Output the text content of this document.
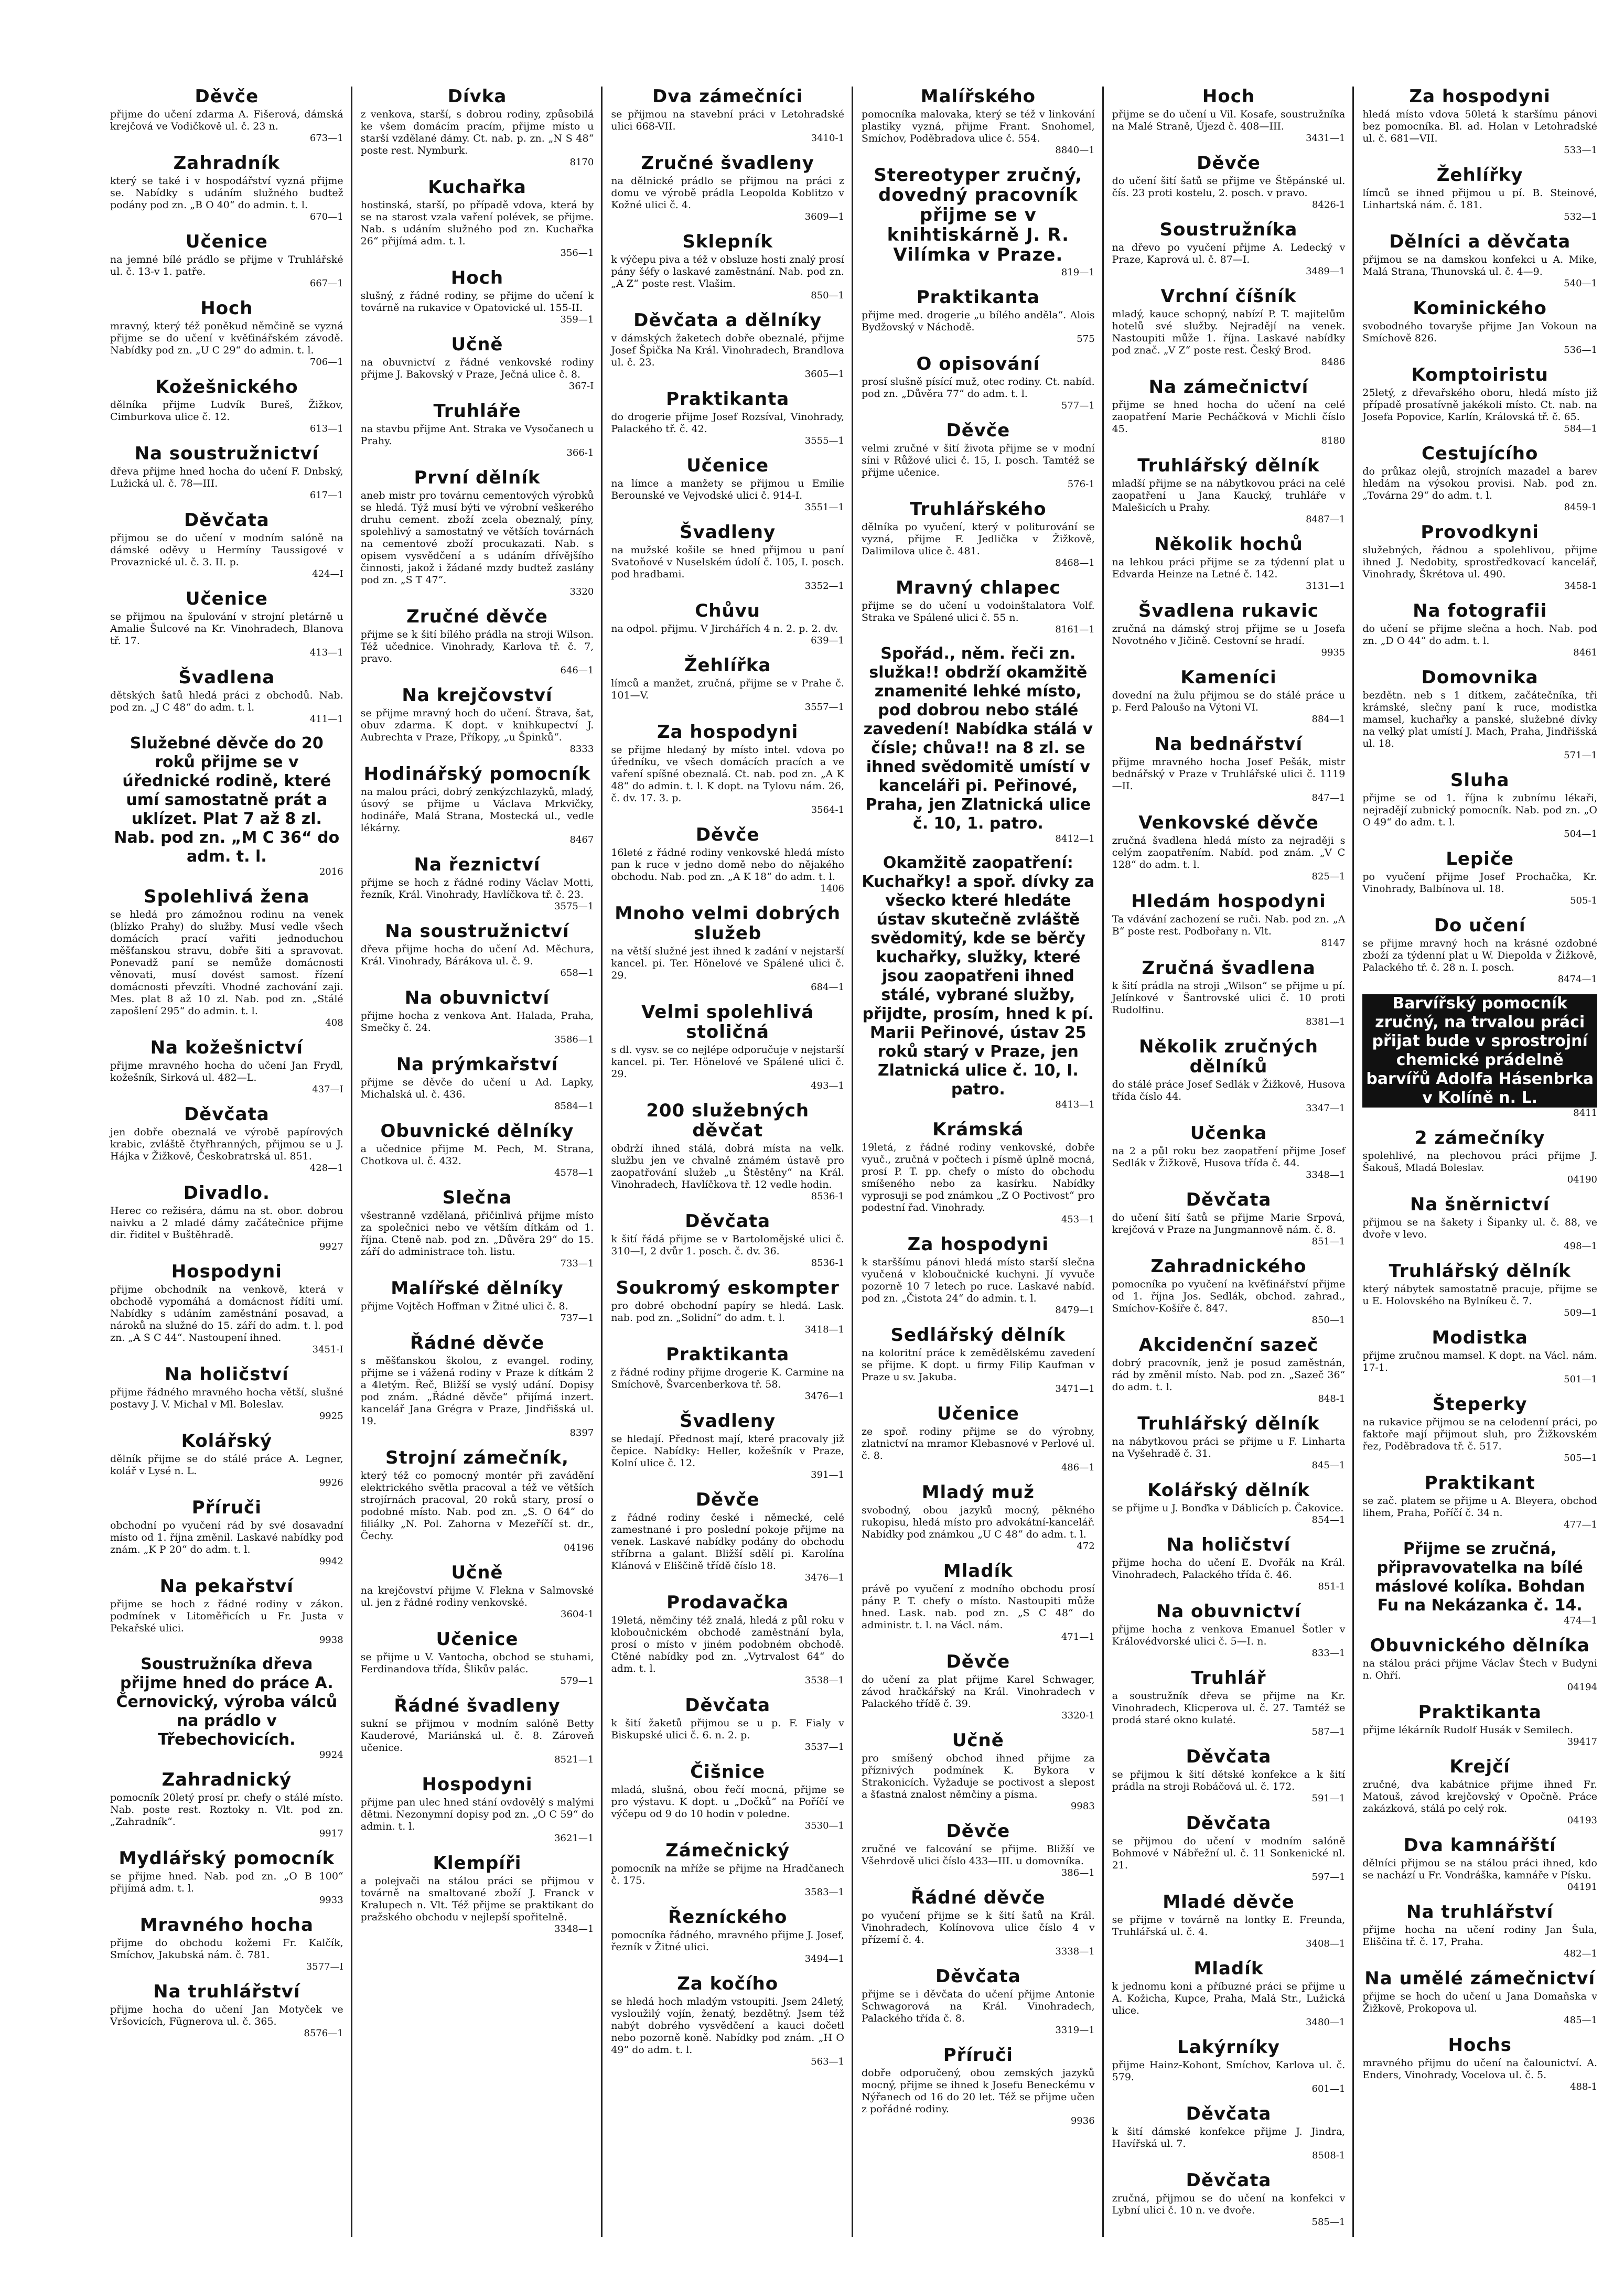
Děvče

přijme do učení zdarma A. Fišerová, dámská krejčová ve Vodičkově ul. č. 23 n.

673—1
Zahradník

který se také i v hospodářství vyzná přijme se. Nabídky s udáním služného budtež podány pod zn. „B O 40“ do admin. t. l.

670—1
Učenice

na jemné bílé prádlo se přijme v Truhlářské ul. č. 13-v 1. patře.

667—1
Hoch

mravný, který též poněkud němčině se vyzná přijme se do učení v kvěťinářském závodě. Nabídky pod zn. „U C 29“ do admin. t. l.

706—1
Kožešnického

dělníka přijme Ludvík Bureš, Žižkov, Cimburkova ulice č. 12.

613—1
Na soustružnictví

dřeva přijme hned hocha do učení F. Dnbský, Lužická ul. č. 78—III.

617—1
Děvčata

přijmou se do učení v modním salóně na dámské oděvy u Hermíny Taussigové v Provaznické ul. č. 3. II. p.

424—I
Učenice

se přijmou na špulování v strojní pletárně u Amalie Šulcové na Kr. Vinohradech, Blanova tř. 17.

413—1
Švadlena

dětských šatů hledá práci z obchodů. Nab. pod zn. „J C 48“ do adm. t. l.

411—1

Služebné děvče do 20 roků přijme se v úřednické rodině, které umí samostatně prát a uklízet. Plat 7 až 8 zl. Nab. pod zn. „M C 36“ do adm. t. l.

2016
Spolehlivá žena

se hledá pro zámožnou rodinu na venek (blízko Prahy) do služby. Musí vedle všech domácích prací vařiti jednoduchou měšťanskou stravu, dobře šiti a spravovat. Ponevadž paní se nemůže domácnosti věnovati, musí dovést samost. řízení domácnosti převzíti. Vhodné zachování zaji. Mes. plat 8 až 10 zl. Nab. pod zn. „Stálé zapošlení 295“ do admin. t. l.

408
Na kožešnictví

přijme mravného hocha do učení Jan Frydl, kožešník, Sirková ul. 482—L.

437—I
Děvčata

jen dobře obeznalá ve výrobě papírových krabic, zvláště čtyřhranných, přijmou se u J. Hájka v Žižkově, Českobratrská ul. 851.

428—1
Divadlo.

Herec co režiséra, dámu na st. obor. dobrou naivku a 2 mladé dámy začátečnice přijme dir. řiditel v Buštěhradě.

9927
Hospodyni

přijme obchodník na venkově, která v obchodě vypomáhá a domácnost řídíti umí. Nabídky s udáním zaměstnání posavad, a nároků na služné do 15. září do adm. t. l. pod zn. „A S C 44“. Nastoupení ihned.

3451-I
Na holičství

přijme řádného mravného hocha větší, slušné postavy J. V. Michal v Ml. Boleslav.

9925
Kolářský

dělník přijme se do stálé práce A. Legner, kolář v Lysé n. L.

9926
Příruči

obchodní po vyučení rád by své dosavadní místo od 1. října změnil. Laskavé nabídky pod znám. „K P 20“ do adm. t. l.

9942
Na pekařství

přijme se hoch z řádné rodiny v zákon. podmínek v Litoměřicích u Fr. Justa v Pekařské ulici.

9938

Soustružníka dřeva přijme hned do práce A. Černovický, výroba válců na prádlo v Třebechovicích.

9924
Zahradnický

pomocník 20letý prosí pr. chefy o stálé místo. Nab. poste rest. Roztoky n. Vlt. pod zn. „Zahradník“.

9917
Mydlářský pomocník

se přijme hned. Nab. pod zn. „O B 100“ přijímá adm. t. l.

9933
Mravného hocha

přijme do obchodu kožemi Fr. Kalčík, Smíchov, Jakubská nám. č. 781.

3577—I
Na truhlářství

přijme hocha do učení Jan Motyček ve Vršovicích, Fügnerova ul. č. 365.

8576—1
Dívka

z venkova, starší, s dobrou rodiny, způsobilá ke všem domácím pracím, přijme místo u starší vzdělané dámy. Ct. nab. p. zn. „N S 48“ poste rest. Nymburk.

8170
Kuchařka

hostinská, starší, po případě vdova, která by se na starost vzala vaření polévek, se přijme. Nab. s udáním služného pod zn. Kuchařka 26“ přijímá adm. t. l.

356—1
Hoch

slušný, z řádné rodiny, se přijme do učení k továrně na rukavice v Opatovické ul. 155-II.

359—1
Učně

na obuvnictví z řádné venkovské rodiny přijme J. Bakovský v Praze, Ječná ulice č. 8.

367-I
Truhláře

na stavbu přijme Ant. Straka ve Vysočanech u Prahy.

366-1
První dělník

aneb mistr pro továrnu cementových výrobků se hledá. Týž musí býti ve výrobní veškerého druhu cement. zboží zcela obeznalý, píny, spolehlivý a samostatný ve větších továrnách na cementové zboží procukazati. Nab. s opisem vysvědčení a s udáním dřívějšího činnosti, jakož i žádané mzdy budtež zaslány pod zn. „S T 47“.

3320
Zručné děvče

přijme se k šití bílého prádla na stroji Wilson. Též učednice. Vinohrady, Karlova tř. č. 7, pravo.

646—1
Na krejčovství

se přijme mravný hoch do učení. Štrava, šat, obuv zdarma. K dopt. v knihkupectví J. Aubrechta v Praze, Příkopy, „u Špinků“.

8333
Hodinářský pomocník

na malou práci, dobrý zenkýzchlazyků, mladý, úsový se přijme u Václava Mrkvičky, hodináře, Malá Strana, Mostecká ul., vedle lékárny.

8467
Na řeznictví

přijme se hoch z řádné rodiny Václav Motti, řezník, Král. Vinohrady, Havlíčkova tř. č. 23.

3575—1
Na soustružnictví

dřeva přijme hocha do učení Ad. Měchura, Král. Vinohrady, Bárákova ul. č. 9.

658—1
Na obuvnictví

přijme hocha z venkova Ant. Halada, Praha, Smečky č. 24.

3586—1
Na prýmkařství

přijme se děvče do učení u Ad. Lapky, Michalská ul. č. 436.

8584—1
Obuvnické dělníky

a učednice přijme M. Pech, M. Strana, Chotkova ul. č. 432.

4578—1
Slečna

všestranně vzdělaná, přičinlivá přijme místo za společnici nebo ve větším dítkám od 1. října. Cteně nab. pod zn. „Důvěra 29“ do 15. září do administrace toh. listu.

733—1
Malířské dělníky

přijme Vojtěch Hoffman v Žitné ulici č. 8.

737—1
Řádné děvče

s měšťanskou školou, z evangel. rodiny, přijme se i vážená rodiny v Praze k dítkám 2 a 4letým. Řeč, Bližší se vyslý udání. Dopisy pod znám. „Řádné děvče“ přijímá inzert. kancelář Jana Grégra v Praze, Jindřišská ul. 19.

8397
Strojní zámečník,

který též co pomocný montér při zavádění elektrického světla pracoval a též ve větších strojírnách pracoval, 20 roků stary, prosí o podobné místo. Nab. pod zn. „S. O 64“ do filiálky „N. Pol. Zahorna v Mezeříčí st. dr., Čechy.

04196
Učně

na krejčovství přijme V. Flekna v Salmovské ul. jen z řádné rodiny venkovské.

3604-1
Učenice

se přijme u V. Vantocha, obchod se stuhami, Ferdinandova třída, Šlikův palác.

579—1
Řádné švadleny

sukní se přijmou v modním salóně Betty Kauderové, Mariánská ul. č. 8. Zároveň učenice.

8521—1
Hospodyni

přijme pan ulec hned stání ovdovělý s malými dětmi. Nezonymní dopisy pod zn. „O C 59“ do admin. t. l.

3621—1
Klempíři

a polejvači na stálou práci se přijmou v továrně na smaltované zboží J. Franck v Kralupech n. Vlt. Též přijme se praktikant do pražského obchodu v nejlepší spořitelně.

3348—1
Dva zámečníci

se přijmou na stavební práci v Letohradské ulici 668-VII.

3410-1
Zručné švadleny

na dělnické prádlo se přijmou na práci z domu ve výrobě prádla Leopolda Koblitzo v Kožné ulici č. 4.

3609—1
Sklepník

k výčepu piva a též v obsluze hosti znalý prosí pány šéfy o laskavé zaměstnání. Nab. pod zn. „A Z“ poste rest. Vlašim.

850—1
Děvčata a dělníky

v dámských žaketech dobře obeznalé, přijme Josef Špička Na Král. Vinohradech, Brandlova ul. č. 23.

3605—1
Praktikanta

do drogerie přijme Josef Rozsíval, Vinohrady, Palackého tř. č. 42.

3555—1
Učenice

na límce a manžety se přijmou u Emilie Berounské ve Vejvodské ulici č. 914-I.

3551—1
Švadleny

na mužské košile se hned přijmou u paní Svatoňové v Nuselském údolí č. 105, I. posch. pod hradbami.

3352—1
Chůvu

na odpol. přijmu. V Jirchářích 4 n. 2. p. 2. dv.

639—1
Žehlířka

límců a manžet, zručná, přijme se v Prahe č. 101—V.

3557—1
Za hospodyni

se přijme hledaný by místo intel. vdova po úředníku, ve všech domácích pracích a ve vaření spíšné obeznalá. Ct. nab. pod zn. „A K 48“ do admin. t. l. K dopt. na Tylovu nám. 26, č. dv. 17. 3. p.

3564-1
Děvče

16leté z řádné rodiny venkovské hledá místo pan k ruce v jedno domě nebo do nějakého obchodu. Nab. pod zn. „A K 18“ do adm. t. l.

1406
Mnoho velmi dobrých služeb

na větší služné jest ihned k zadání v nejstarší kancel. pi. Ter. Hönelové ve Spálené ulici č. 29.

684—1
Velmi spolehlivá stoličná

s dl. vysv. se co nejlépe odporučuje v nejstarší kancel. pi. Ter. Hönelové ve Spálené ulici č. 29.

493—1
200 služebných děvčat

obdrží ihned stálá, dobrá místa na velk. službu jen ve chvalně známém ústavě pro zaopatřování služeb „u Štěstěny“ na Král. Vinohradech, Havlíčkova tř. 12 vedle hodin.

8536-1
Děvčata

k šití řádá přijme se v Bartolomějské ulici č. 310—I, 2 dvůr 1. posch. č. dv. 36.

8536-1
Soukromý eskompter

pro dobré obchodní papíry se hledá. Lask. nab. pod zn. „Solidní“ do adm. t. l.

3418—1
Praktikanta

z řádné rodiny přijme drogerie K. Carmine na Smíchově, Švarcenberkova tř. 58.

3476—1
Švadleny

se hledají. Přednost mají, které pracovaly již čepice. Nabídky: Heller, kožešník v Praze, Kolní ulice č. 12.

391—1
Děvče

z řádné rodiny české i německé, celé zamestnané i pro poslední pokoje přijme na venek. Laskavé nabídky podány do obchodu stříbrna a galant. Bližší sdělí pi. Karolína Klánová v Eliščině třídě číslo 18.

3476—1
Prodavačka

19letá, němčiny též znalá, hledá z půl roku v kloboučnickém obchodě zaměstnání byla, prosí o místo v jiném podobném obchodě. Ctěné nabídky pod zn. „Vytrvalost 64“ do adm. t. l.

3538—1
Děvčata

k šití žaketů přijmou se u p. F. Fialy v Biskupské ulici č. 6. n. 2. p.

3537—1
Čišnice

mladá, slušná, obou řečí mocná, přijme se pro výstavu. K dopt. u „Dočků“ na Poříčí ve výčepu od 9 do 10 hodin v poledne.

3530—1
Zámečnický

pomocník na mříže se přijme na Hradčanech č. 175.

3583—1
Řezníckého

pomocníka řádného, mravného přijme J. Josef, řezník v Žitné ulici.

3494—1
Za kočího

se hledá hoch mladým vstoupiti. Jsem 24letý, vysloužilý vojín, ženatý, bezdětný. Jsem též nabýt dobrého vysvědčení a kauci dočetl nebo pozorně koně. Nabídky pod znám. „H O 49“ do adm. t. l.

563—1
Malířského

pomocníka malovaka, který se též v linkování plastiky vyzná, přijme Frant. Snohomel, Smíchov, Poděbradova ulice č. 554.

8840—1
Stereotyper zručný, dovedný pracovník přijme se v knihtiskárně J. R. Vilímka v Praze.
819—1
Praktikanta

přijme med. drogerie „u bílého anděla“. Alois Bydžovský v Náchodě.

575
O opisování

prosí slušně písící muž, otec rodiny. Ct. nabíd. pod zn. „Důvěra 77“ do adm. t. l.

577—1
Děvče

velmi zručné v šití života přijme se v modní síni v Růžové ulici č. 15, I. posch. Tamtéž se přijme učenice.

576-1
Truhlářského

dělníka po vyučení, který v politurování se vyzná, přijme F. Jedlička v Žižkově, Dalimilova ulice č. 481.

8468—1
Mravný chlapec

přijme se do učení u vodoinštalatora Volf. Straka ve Spálené ulici č. 55 n.

8161—1

Spořád., něm. řeči zn. služka!! obdrží okamžitě znamenité lehké místo, pod dobrou nebo stálé zavedení! Nabídka stálá v čísle; chůva!! na 8 zl. se ihned svědomitě umístí v kanceláři pi. Peřinové, Praha, jen Zlatnická ulice č. 10, 1. patro.

8412—1

Okamžitě zaopatření: Kuchařky! a spoř. dívky za všecko které hledáte ústav skutečně zvláště svědomitý, kde se běrčy kuchařky, služky, které jsou zaopatřeni ihned stálé, vybrané služby, přijdte, prosím, hned k pí. Marii Peřinové, ústav 25 roků starý v Praze, jen Zlatnická ulice č. 10, I. patro.

8413—1
Krámská

19letá, z řádné rodiny venkovské, dobře vyuč., zručná v počtech i písmě úplně mocná, prosí P. T. pp. chefy o místo do obchodu smíšeného nebo za kasírku. Nabídky vyprosuji se pod známkou „Z O Poctivost“ pro podestní řad. Vinohrady.

453—1
Za hospodyni

k starššímu pánovi hledá místo starší slečna vyučená v kloboučnické kuchyni. Jí vyvuče pozorně 10 7 letech po ruce. Laskavé nabíd. pod zn. „Čistota 24“ do admin. t. l.

8479—1
Sedlářský dělník

na koloritní práce k zemědělskému zavedení se přijme. K dopt. u firmy Filip Kaufman v Praze u sv. Jakuba.

3471—1
Učenice

ze spoř. rodiny přijme se do výrobny, zlatnictví na mramor Klebasnové v Perlové ul. č. 8.

486—1
Mladý muž

svobodný, obou jazyků mocný, pěkného rukopisu, hledá místo pro advokátní-kancelář. Nabídky pod známkou „U C 48“ do adm. t. l.

472
Mladík

právě po vyučení z modního obchodu prosí pány P. T. chefy o místo. Nastoupiti může hned. Lask. nab. pod zn. „S C 48“ do administr. t. l. na Václ. nám.

471—1
Děvče

do učení za plat přijme Karel Schwager, závod hračkářský na Král. Vinohradech v Palackého třídě č. 39.

3320-1
Učně

pro smíšený obchod ihned přijme za příznivých podmínek K. Bykora v Strakonicích. Vyžaduje se poctivost a slepost a šťastná znalost němčiny a písma.

9983
Děvče

zručné ve falcování se přijme. Bližší ve Všehrdově ulici číslo 433—III. u domovníka.

386—1
Řádné děvče

po vyučení přijme se k šití šatů na Král. Vinohradech, Kolínovova ulice číslo 4 v přízemí č. 4.

3338—1
Děvčata

přijme se i děvčata do učení přijme Antonie Schwagorová na Král. Vinohradech, Palackého třída č. 8.

3319—1
Příruči

dobře odporučený, obou zemských jazyků mocný, přijme se ihned k Josefu Beneckému v Nýřanech od 16 do 20 let. Též se přijme učen z pořádné rodiny.

9936
Hoch

přijme se do učení u Vil. Kosafe, soustružníka na Malé Straně, Újezd č. 408—III.

3431—1
Děvče

do učení šití šatů se přijme ve Štěpánské ul. čís. 23 proti kostelu, 2. posch. v pravo.

8426-1
Soustružníka

na dřevo po vyučení přijme A. Ledecký v Praze, Kaprová ul. č. 87—I.

3489—1
Vrchní číšník

mladý, kauce schopný, nabízí P. T. majitelům hotelů své služby. Nejradějí na venek. Nastoupiti může 1. října. Laskavé nabídky pod znač. „V Z“ poste rest. Český Brod.

8486
Na zámečnictví

přijme se hned hocha do učení na celé zaopatření Marie Pecháčková v Michli číslo 45.

8180
Truhlářský dělník

mladší přijme se na nábytkovou práci na celé zaopatření u Jana Kaucký, truhláře v Malešicích u Prahy.

8487—1
Několik hochů

na lehkou práci přijme se za týdenní plat u Edvarda Heinze na Letné č. 142.

3131—1
Švadlena rukavic

zručná na dámský stroj přijme se u Josefa Novotného v Jičině. Cestovní se hradí.

9935
Kameníci

dovední na žulu přijmou se do stálé práce u p. Ferd Paloušo na Výtoni VI.

884—1
Na bednářství

přijme mravného hocha Josef Pešák, mistr bednářský v Praze v Truhlářské ulici č. 1119—II.

847—1
Venkovské děvče

zručná švadlena hledá místo za nejraději s celým zaopatřením. Nabíd. pod znám. „V C 128“ do adm. t. l.

825—1
Hledám hospodyni

Ta vdávání zachození se ruči. Nab. pod zn. „A B“ poste rest. Podbořany n. Vlt.

8147
Zručná švadlena

k šití prádla na stroji „Wilson“ se přijme u pí. Jelínkové v Šantrovské ulici č. 10 proti Rudolfinu.

8381—1
Několik zručných dělníků

do stálé práce Josef Sedlák v Žižkově, Husova třída číslo 44.

3347—1
Učenka

na 2 a půl roku bez zaopatření přijme Josef Sedlák v Žižkově, Husova třída č. 44.

3348—1
Děvčata

do učení šití šatů se přijme Marie Srpová, krejčová v Praze na Jungmannově nám. č. 8.

851—1
Zahradnického

pomocníka po vyučení na kvěťinářství přijme od 1. října Jos. Sedlák, obchod. zahrad., Smíchov-Košíře č. 847.

850—1
Akcidenční sazeč

dobrý pracovník, jenž je posud zaměstnán, rád by změnil místo. Nab. pod zn. „Sazeč 36“ do adm. t. l.

848-1
Truhlářský dělník

na nábytkovou práci se přijme u F. Linharta na Vyšehradě č. 31.

845—1
Kolářský dělník

se přijme u J. Bonďka v Dáblicích p. Čakovice.

854—1
Na holičství

přijme hocha do učení E. Dvořák na Král. Vinohradech, Palackého třída č. 46.

851-1
Na obuvnictví

přijme hocha z venkova Emanuel Šotler v Královédvorské ulici č. 5—I. n.

833—1
Truhlář

a soustružník dřeva se přijme na Kr. Vinohradech, Klicperova ul. č. 27. Tamtéž se prodá staré okno kulaté.

587—1
Děvčata

se přijmou k šití dětské konfekce a k šití prádla na stroji Robáčová ul. č. 172.

591—1
Děvčata

se přijmou do učení v modním salóně Bohmové v Nábřežní ul. č. 11 Sonkenické nl. 21.

597—1
Mladé děvče

se přijme v továrně na lontky E. Freunda, Truhlářská ul. č. 4.

3408—1
Mladík

k jednomu koni a příbuzné práci se přijme u A. Kožicha, Kupce, Praha, Malá Str., Lužická ulice.

3480—1
Lakýrníky

přijme Hainz-Kohont, Smíchov, Karlova ul. č. 579.

601—1
Děvčata

k šití dámské konfekce přijme J. Jindra, Havířská ul. 7.

8508-1
Děvčata

zručná, přijmou se do učení na konfekci v Lybní ulici č. 10 n. ve dvoře.

585—1
Za hospodyni

hledá místo vdova 50letá k staršímu pánovi bez pomocníka. Bl. ad. Holan v Letohradské ul. č. 681—VII.

533—1
Žehlířky

límců se ihned přijmou u pí. B. Steinové, Linhartská nám. č. 181.

532—1
Dělníci a děvčata

přijmou se na damskou konfekci u A. Mike, Malá Strana, Thunovská ul. č. 4—9.

540—1
Kominického

svobodného tovaryše přijme Jan Vokoun na Smíchově 826.

536—1
Komptoiristu

25letý, z dřevařského oboru, hledá místo již případě prosatívně jakékoli místo. Ct. nab. na Josefa Popovice, Karlín, Královská tř. č. 65.

584—1
Cestujícího

do průkaz olejů, strojních mazadel a barev hledám na výsokou provisi. Nab. pod zn. „Továrna 29“ do adm. t. l.

8459-1
Provodkyni

služebných, řádnou a spolehlivou, přijme ihned J. Nedobity, sprostředkovací kancelář, Vinohrady, Škrétova ul. 490.

3458-1
Na fotografii

do učení se přijme slečna a hoch. Nab. pod zn. „D O 44“ do adm. t. l.

8461
Domovnika

bezdětn. neb s 1 dítkem, začátečníka, tři krámské, slečny paní k ruce, modistka mamsel, kuchařky a panské, služebné dívky na velký plat umístí J. Mach, Praha, Jindřišská ul. 18.

571—1
Sluha

přijme se od 1. října k zubnímu lékaři, nejradějí zubnický pomocník. Nab. pod zn. „O O 49“ do adm. t. l.

504—1
Lepiče

po vyučení přijme Josef Prochačka, Kr. Vinohrady, Balbínova ul. 18.

505-1
Do učení

se přijme mravný hoch na krásné ozdobné zboží za týdenní plat u W. Diepolda v Žižkově, Palackého tř. č. 28 n. I. posch.

8474—1

Barvířský pomocník zručný, na trvalou práci přijat bude v sprostrojní chemické prádelně barvířů Adolfa Hásenbrka v Kolíně n. L.

8411
2 zámečníky

spolehlivé, na plechovou práci přijme J. Šakouš, Mladá Boleslav.

04190
Na šněrnictví

přijmou se na šakety i Šipanky ul. č. 88, ve dvoře v levo.

498—1
Truhlářský dělník

který nábytek samostatně pracuje, přijme se u E. Holovského na Bylníkeu č. 7.

509—1
Modistka

přijme zručnou mamsel. K dopt. na Václ. nám. 17-1.

501—1
Šteperky

na rukavice přijmou se na celodenní práci, po faktoře mají přijmout sluh, pro Žižkovském řez, Poděbradova tř. č. 517.

505—1
Praktikant

se zač. platem se přijme u A. Bleyera, obchod lihem, Praha, Poříčí č. 34 n.

477—1

Přijme se zručná, připravovatelka na bílé máslové kolíka. Bohdan Fu na Nekázanka č. 14.

474—1
Obuvnického dělníka

na stálou práci přijme Václav Štech v Budyni n. Ohří.

04194
Praktikanta

přijme lékárník Rudolf Husák v Semilech.

39417
Krejčí

zručné, dva kabátnice přijme ihned Fr. Matouš, závod krejčovský v Opočně. Práce zakázková, stálá po celý rok.

04193
Dva kamnářští

dělníci přijmou se na stálou práci ihned, kdo se nachází u Fr. Vondráška, kamnáře v Písku.

04191
Na truhlářství

přijme hocha na učení rodiny Jan Šula, Eliščina tř. č. 17, Praha.

482—1
Na umělé zámečnictví

přijme se hoch do učení u Jana Domaňska v Žižkově, Prokopova ul.

485—1
Hochs

mravného přijmu do učení na čalounictví. A. Enders, Vinohrady, Vocelova ul. č. 5.

488-1
